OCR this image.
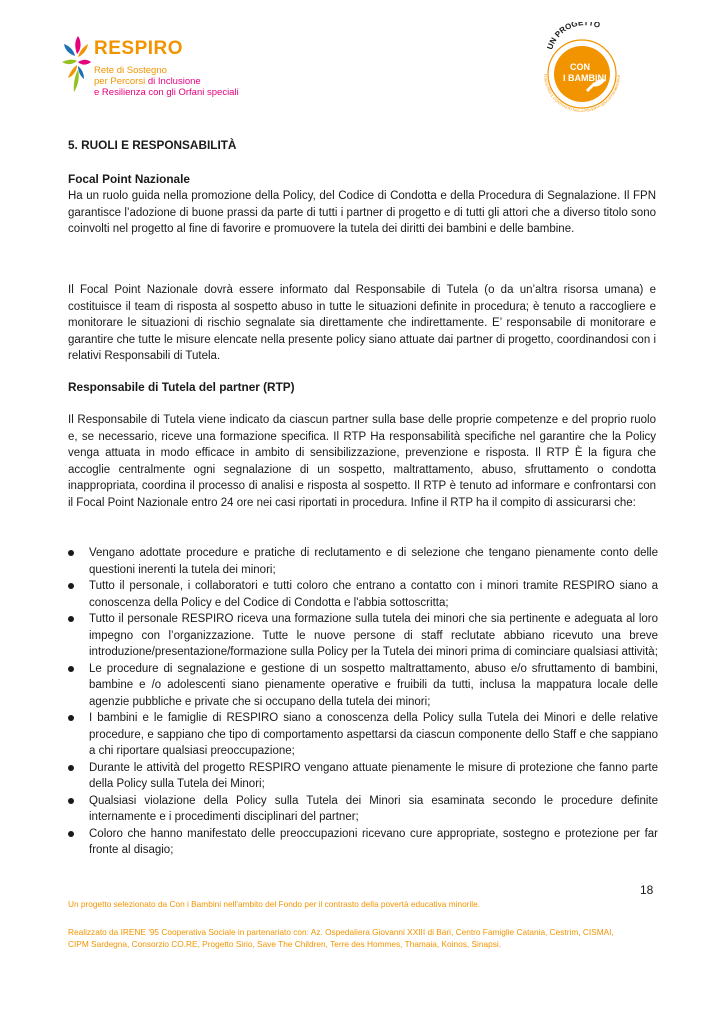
RESPIRO
Rete di Sostegno
per Percorsi di Inclusione
e Resilienza con gli Orfani speciali
UN PROGETTO
CON
I BAMBINI
FONDO PER IL CONTRASTO DELLA POVERTÀ EDUCATIVA MINORILE
5. RUOLI E RESPONSABILITÀ
Focal Point Nazionale

Ha un ruolo guida nella promozione della Policy, del Codice di Condotta e della Procedura di Segnalazione. Il FPN garantisce l’adozione di buone prassi da parte di tutti i partner di progetto e di tutti gli attori che a diverso titolo sono coinvolti nel progetto al fine di favorire e promuovere la tutela dei diritti dei bambini e delle bambine.

Il Focal Point Nazionale dovrà essere informato dal Responsabile di Tutela (o da un’altra risorsa umana) e costituisce il team di risposta al sospetto abuso in tutte le situazioni definite in procedura; è tenuto a raccogliere e monitorare le situazioni di rischio segnalate sia direttamente che indirettamente. E’ responsabile di monitorare e garantire che tutte le misure elencate nella presente policy siano attuate dai partner di progetto, coordinandosi con i relativi Responsabili di Tutela.

Responsabile di Tutela del partner (RTP)

Il Responsabile di Tutela viene indicato da ciascun partner sulla base delle proprie competenze e del proprio ruolo e, se necessario, riceve una formazione specifica. Il RTP Ha responsabilità specifiche nel garantire che la Policy venga attuata in modo efficace in ambito di sensibilizzazione, prevenzione e risposta. Il RTP È la figura che accoglie centralmente ogni segnalazione di un sospetto, maltrattamento, abuso, sfruttamento o condotta inappropriata, coordina il processo di analisi e risposta al sospetto. Il RTP è tenuto ad informare e confrontarsi con il Focal Point Nazionale entro 24 ore nei casi riportati in procedura. Infine il RTP ha il compito di assicurarsi che:

Vengano adottate procedure e pratiche di reclutamento e di selezione che tengano pienamente conto delle questioni inerenti la tutela dei minori;
Tutto il personale, i collaboratori e tutti coloro che entrano a contatto con i minori tramite RESPIRO siano a conoscenza della Policy e del Codice di Condotta e l'abbia sottoscritta;
Tutto il personale RESPIRO riceva una formazione sulla tutela dei minori che sia pertinente e adeguata al loro impegno con l’organizzazione. Tutte le nuove persone di staff reclutate abbiano ricevuto una breve introduzione/presentazione/formazione sulla Policy per la Tutela dei minori prima di cominciare qualsiasi attività;
Le procedure di segnalazione e gestione di un sospetto maltrattamento, abuso e/o sfruttamento di bambini, bambine e /o adolescenti siano pienamente operative e fruibili da tutti, inclusa la mappatura locale delle agenzie pubbliche e private che si occupano della tutela dei minori;
I bambini e le famiglie di RESPIRO siano a conoscenza della Policy sulla Tutela dei Minori e delle relative procedure, e sappiano che tipo di comportamento aspettarsi da ciascun componente dello Staff e che sappiano a chi riportare qualsiasi preoccupazione;
Durante le attività del progetto RESPIRO vengano attuate pienamente le misure di protezione che fanno parte della Policy sulla Tutela dei Minori;
Qualsiasi violazione della Policy sulla Tutela dei Minori sia esaminata secondo le procedure definite internamente e i procedimenti disciplinari del partner;
Coloro che hanno manifestato delle preoccupazioni ricevano cure appropriate, sostegno e protezione per far fronte al disagio;
18
Un progetto selezionato da Con i Bambini nell'ambito del Fondo per il contrasto della povertà educativa minorile.
Realizzato da IRENE '95 Cooperativa Sociale in partenariato con: Az. Ospedaliera Giovanni XXIII di Bari, Centro Famiglie Catania, Cestrim, CISMAI,
CIPM Sardegna, Consorzio CO.RE, Progetto Sirio, Save The Children, Terre des Hommes, Thamaia, Koinos, Sinapsi.
